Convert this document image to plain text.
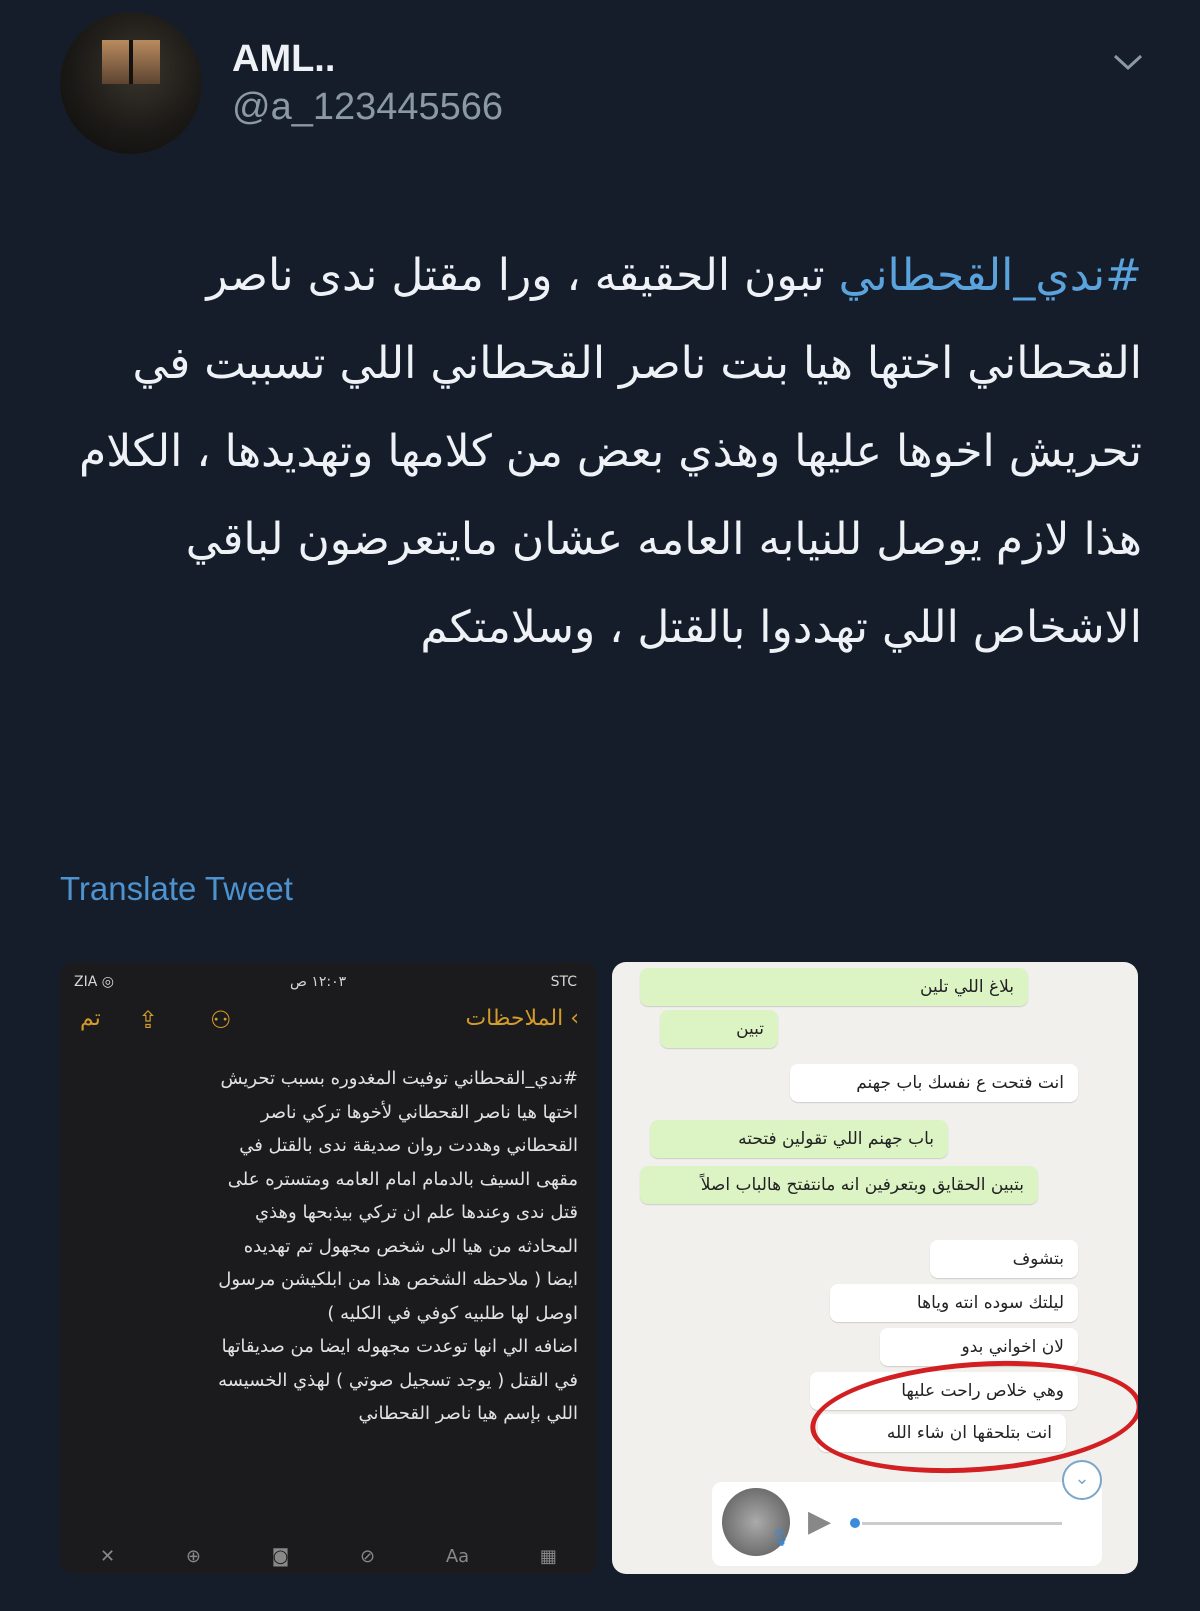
AML..
@a_123445566
#ندي_القحطاني تبون الحقيقه ، ورا مقتل ندى ناصر القحطاني اختها هيا بنت ناصر القحطاني اللي تسببت في تحريش اخوها عليها وهذي بعض من كلامها وتهديدها ، الكلام هذا لازم يوصل للنيابه العامه عشان مايتعرضون لباقي الاشخاص اللي تهددوا بالقتل ، وسلامتكم
Translate Tweet
ZIA ◎	١٢:٠٣ ص	STC
› الملاحظات
تم ⇪ ⚇
#ندي_القحطاني توفيت المغدوره بسبب تحريش
اختها هيا ناصر القحطاني لأخوها تركي ناصر
القحطاني وهددت روان صديقة ندى بالقتل في
مقهى السيف بالدمام امام العامه ومتستره على
قتل ندى وعندها علم ان تركي بيذبحها وهذي
المحادثه من هيا الى شخص مجهول تم تهديده
ايضا ( ملاحظه الشخص هذا من ابلكيشن مرسول
اوصل لها طلبيه كوفي في الكليه )
اضافه الي انها توعدت مجهوله ايضا من صديقاتها
في القتل ( يوجد تسجيل صوتي ) لهذي الخسيسه
اللي بإسم هيا ناصر القحطاني
✕	⊕	◙	⊘	Aa	▦
بلاغ اللي تلين
تبين
انت فتحت ع نفسك باب جهنم
باب جهنم اللي تقولين فتحته
بتبين الحقايق وبتعرفين انه مانتفتح هالباب اصلاً
بتشوف
ليلتك سوده انته وياها
لان اخواني بدو
وهي خلاص راحت عليها
انت بتلحقها ان شاء الله
🎙 ▶
⌄
